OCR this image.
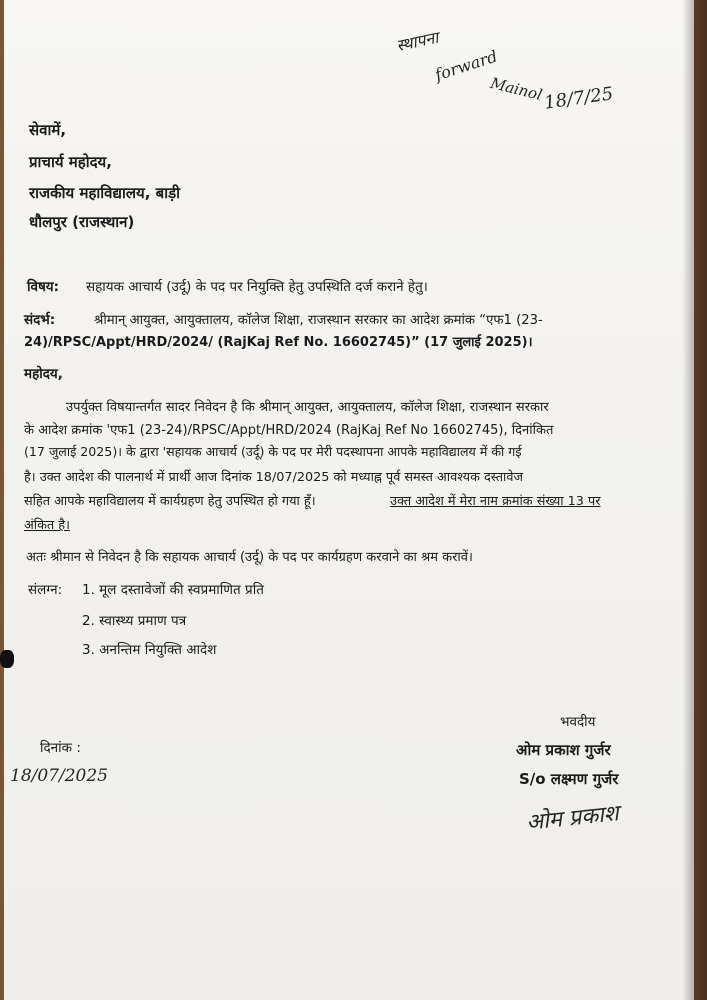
स्थापना
forward
Mainol
18/7/25
सेवामें,
प्राचार्य महोदय,
राजकीय महाविद्यालय, बाड़ी
धौलपुर (राजस्थान)
विषय: सहायक आचार्य (उर्दू) के पद पर नियुक्ति हेतु उपस्थिति दर्ज कराने हेतु।
संदर्भ:	श्रीमान् आयुक्त, आयुक्तालय, कॉलेज शिक्षा, राजस्थान सरकार का आदेश क्रमांक “एफ1 (23-
24)/RPSC/Appt/HRD/2024/ (RajKaj Ref No. 16602745)” (17 जुलाई 2025)।
महोदय,
उपर्युक्त विषयान्तर्गत सादर निवेदन है कि श्रीमान् आयुक्त, आयुक्तालय, कॉलेज शिक्षा, राजस्थान सरकार
के आदेश क्रमांक 'एफ1 (23-24)/RPSC/Appt/HRD/2024 (RajKaj Ref No 16602745), दिनांकित
(17 जुलाई 2025)। के द्वारा 'सहायक आचार्य (उर्दू) के पद पर मेरी पदस्थापना आपके महाविद्यालय में की गई
है। उक्त आदेश की पालनार्थ में प्रार्थी आज दिनांक 18/07/2025 को मध्याह्न पूर्व समस्त आवश्यक दस्तावेज
सहित आपके महाविद्यालय में कार्यग्रहण हेतु उपस्थित हो गया हूँ।	उक्त आदेश में मेरा नाम क्रमांक संख्या 13 पर
अंकित है।
अतः श्रीमान से निवेदन है कि सहायक आचार्य (उर्दू) के पद पर कार्यग्रहण करवाने का श्रम करावें।
संलग्न: 1. मूल दस्तावेजों की स्वप्रमाणित प्रति
2. स्वास्थ्य प्रमाण पत्र
3. अनन्तिम नियुक्ति आदेश
भवदीय
ओम प्रकाश गुर्जर
S/o लक्ष्मण गुर्जर
ओम प्रकाश
दिनांक :
18/07/2025
